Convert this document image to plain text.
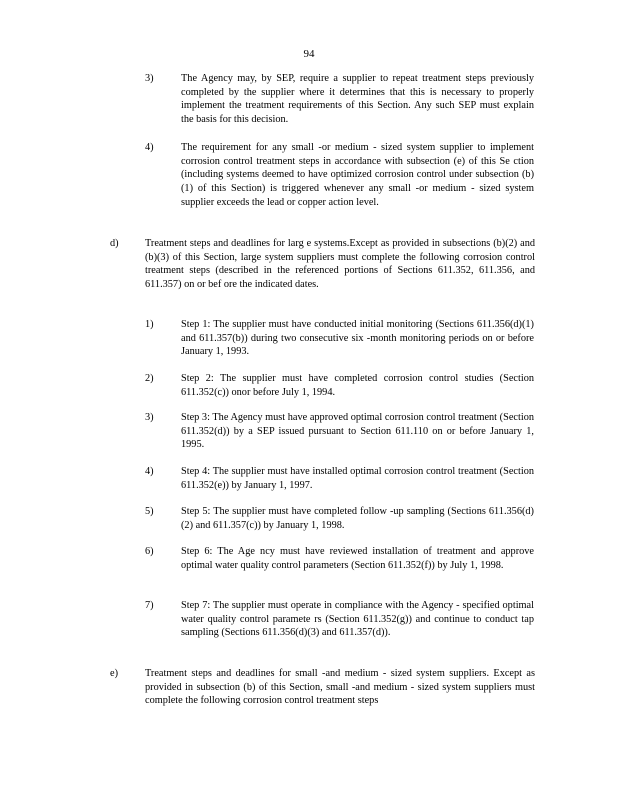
94
3)	The Agency may, by SEP, require a supplier to repeat treatment steps previously completed by the supplier where it determines that this is necessary to properly implement the treatment requirements of this Section. Any such SEP must explain the basis for this decision.
4)	The requirement for any small -or medium - sized system supplier to implement corrosion control treatment steps in accordance with subsection (e) of this Se ction (including systems deemed to have optimized corrosion control under subsection (b)(1) of this Section) is triggered whenever any small -or medium - sized system supplier exceeds the lead or copper action level.
d)	Treatment steps and deadlines for larg e systems.Except as provided in subsections (b)(2) and (b)(3) of this Section, large system suppliers must complete the following corrosion control treatment steps (described in the referenced portions of Sections 611.352, 611.356, and 611.357) on or bef ore the indicated dates.
1)	Step 1: The supplier must have conducted initial monitoring (Sections 611.356(d)(1) and 611.357(b)) during two consecutive six -month monitoring periods on or before January 1, 1993.
2)	Step 2: The supplier must have completed corrosion control studies (Section 611.352(c)) onor before July 1, 1994.
3)	Step 3: The Agency must have approved optimal corrosion control treatment (Section 611.352(d)) by a SEP issued pursuant to Section 611.110 on or before January 1, 1995.
4)	Step 4: The supplier must have installed optimal corrosion control treatment (Section 611.352(e)) by January 1, 1997.
5)	Step 5: The supplier must have completed follow -up sampling (Sections 611.356(d)(2) and 611.357(c)) by January 1, 1998.
6)	Step 6: The Age ncy must have reviewed installation of treatment and approve optimal water quality control parameters (Section 611.352(f)) by July 1, 1998.
7)	Step 7: The supplier must operate in compliance with the Agency - specified optimal water quality control paramete rs (Section 611.352(g)) and continue to conduct tap sampling (Sections 611.356(d)(3) and 611.357(d)).
e)	Treatment steps and deadlines for small -and medium - sized system suppliers. Except as provided in subsection (b) of this Section, small -and medium - sized system suppliers must complete the following corrosion control treatment steps
